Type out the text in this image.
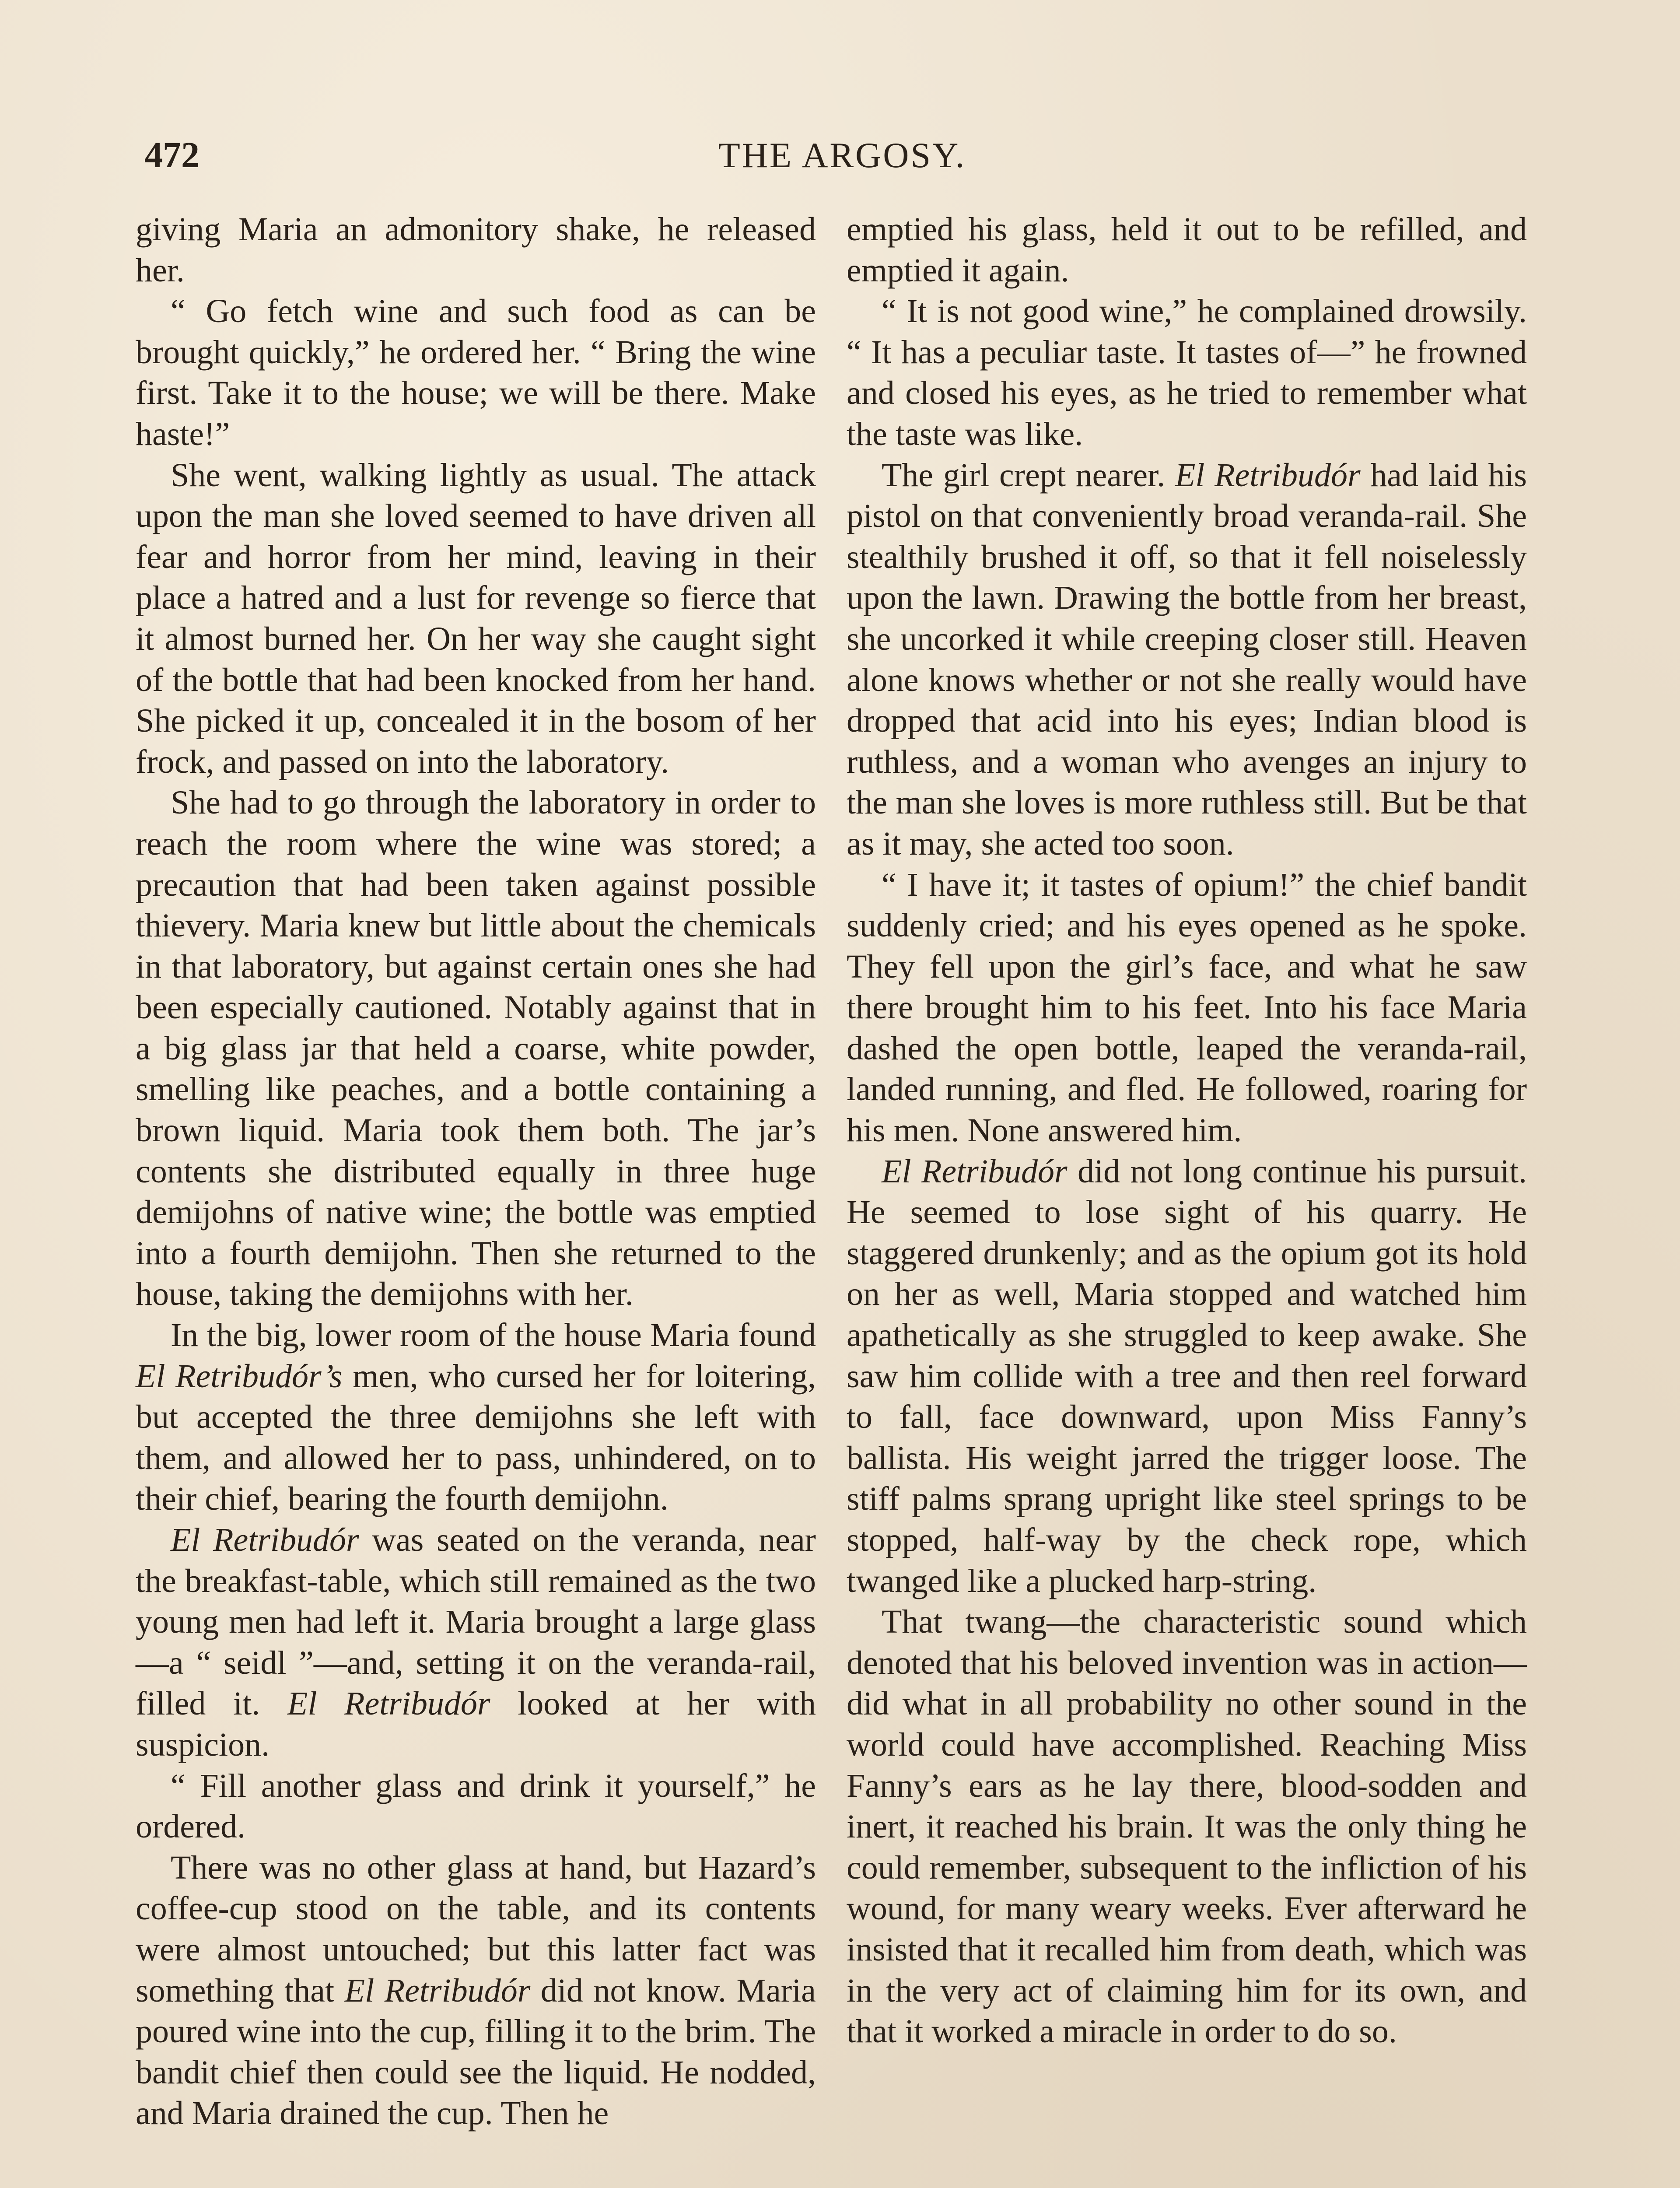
472	THE ARGOSY.

giving Maria an admonitory shake, he released her.

“ Go fetch wine and such food as can be brought quickly,” he ordered her. “ Bring the wine first. Take it to the house; we will be there. Make haste!”

She went, walking lightly as usual. The attack upon the man she loved seemed to have driven all fear and horror from her mind, leaving in their place a hatred and a lust for revenge so fierce that it almost burned her. On her way she caught sight of the bottle that had been knocked from her hand. She picked it up, concealed it in the bosom of her frock, and passed on into the laboratory.

She had to go through the laboratory in order to reach the room where the wine was stored; a precaution that had been taken against possible thievery. Maria knew but little about the chemicals in that laboratory, but against certain ones she had been especially cautioned. Notably against that in a big glass jar that held a coarse, white powder, smelling like peaches, and a bottle containing a brown liquid. Maria took them both. The jar’s contents she distributed equally in three huge demijohns of native wine; the bottle was emptied into a fourth demijohn. Then she returned to the house, taking the demijohns with her.

In the big, lower room of the house Maria found El Retribudór’s men, who cursed her for loitering, but accepted the three demijohns she left with them, and allowed her to pass, unhindered, on to their chief, bearing the fourth demijohn.

El Retribudór was seated on the veranda, near the breakfast-table, which still remained as the two young men had left it. Maria brought a large glass—a “ seidl ”—and, setting it on the veranda-rail, filled it. El Retribudór looked at her with suspicion.

“ Fill another glass and drink it yourself,” he ordered.

There was no other glass at hand, but Hazard’s coffee-cup stood on the table, and its contents were almost untouched; but this latter fact was something that El Retribudór did not know. Maria poured wine into the cup, filling it to the brim. The bandit chief then could see the liquid. He nodded, and Maria drained the cup. Then he

emptied his glass, held it out to be refilled, and emptied it again.

“ It is not good wine,” he complained drowsily. “ It has a peculiar taste. It tastes of—” he frowned and closed his eyes, as he tried to remember what the taste was like.

The girl crept nearer. El Retribudór had laid his pistol on that conveniently broad veranda-rail. She stealthily brushed it off, so that it fell noiselessly upon the lawn. Drawing the bottle from her breast, she uncorked it while creeping closer still. Heaven alone knows whether or not she really would have dropped that acid into his eyes; Indian blood is ruthless, and a woman who avenges an injury to the man she loves is more ruthless still. But be that as it may, she acted too soon.

“ I have it; it tastes of opium!” the chief bandit suddenly cried; and his eyes opened as he spoke. They fell upon the girl’s face, and what he saw there brought him to his feet. Into his face Maria dashed the open bottle, leaped the veranda-rail, landed running, and fled. He followed, roaring for his men. None answered him.

El Retribudór did not long continue his pursuit. He seemed to lose sight of his quarry. He staggered drunkenly; and as the opium got its hold on her as well, Maria stopped and watched him apathetically as she struggled to keep awake. She saw him collide with a tree and then reel forward to fall, face downward, upon Miss Fanny’s ballista. His weight jarred the trigger loose. The stiff palms sprang upright like steel springs to be stopped, half-way by the check rope, which twanged like a plucked harp-string.

That twang—the characteristic sound which denoted that his beloved invention was in action—did what in all probability no other sound in the world could have accomplished. Reaching Miss Fanny’s ears as he lay there, blood-sodden and inert, it reached his brain. It was the only thing he could remember, subsequent to the infliction of his wound, for many weary weeks. Ever afterward he insisted that it recalled him from death, which was in the very act of claiming him for its own, and that it worked a miracle in order to do so.
